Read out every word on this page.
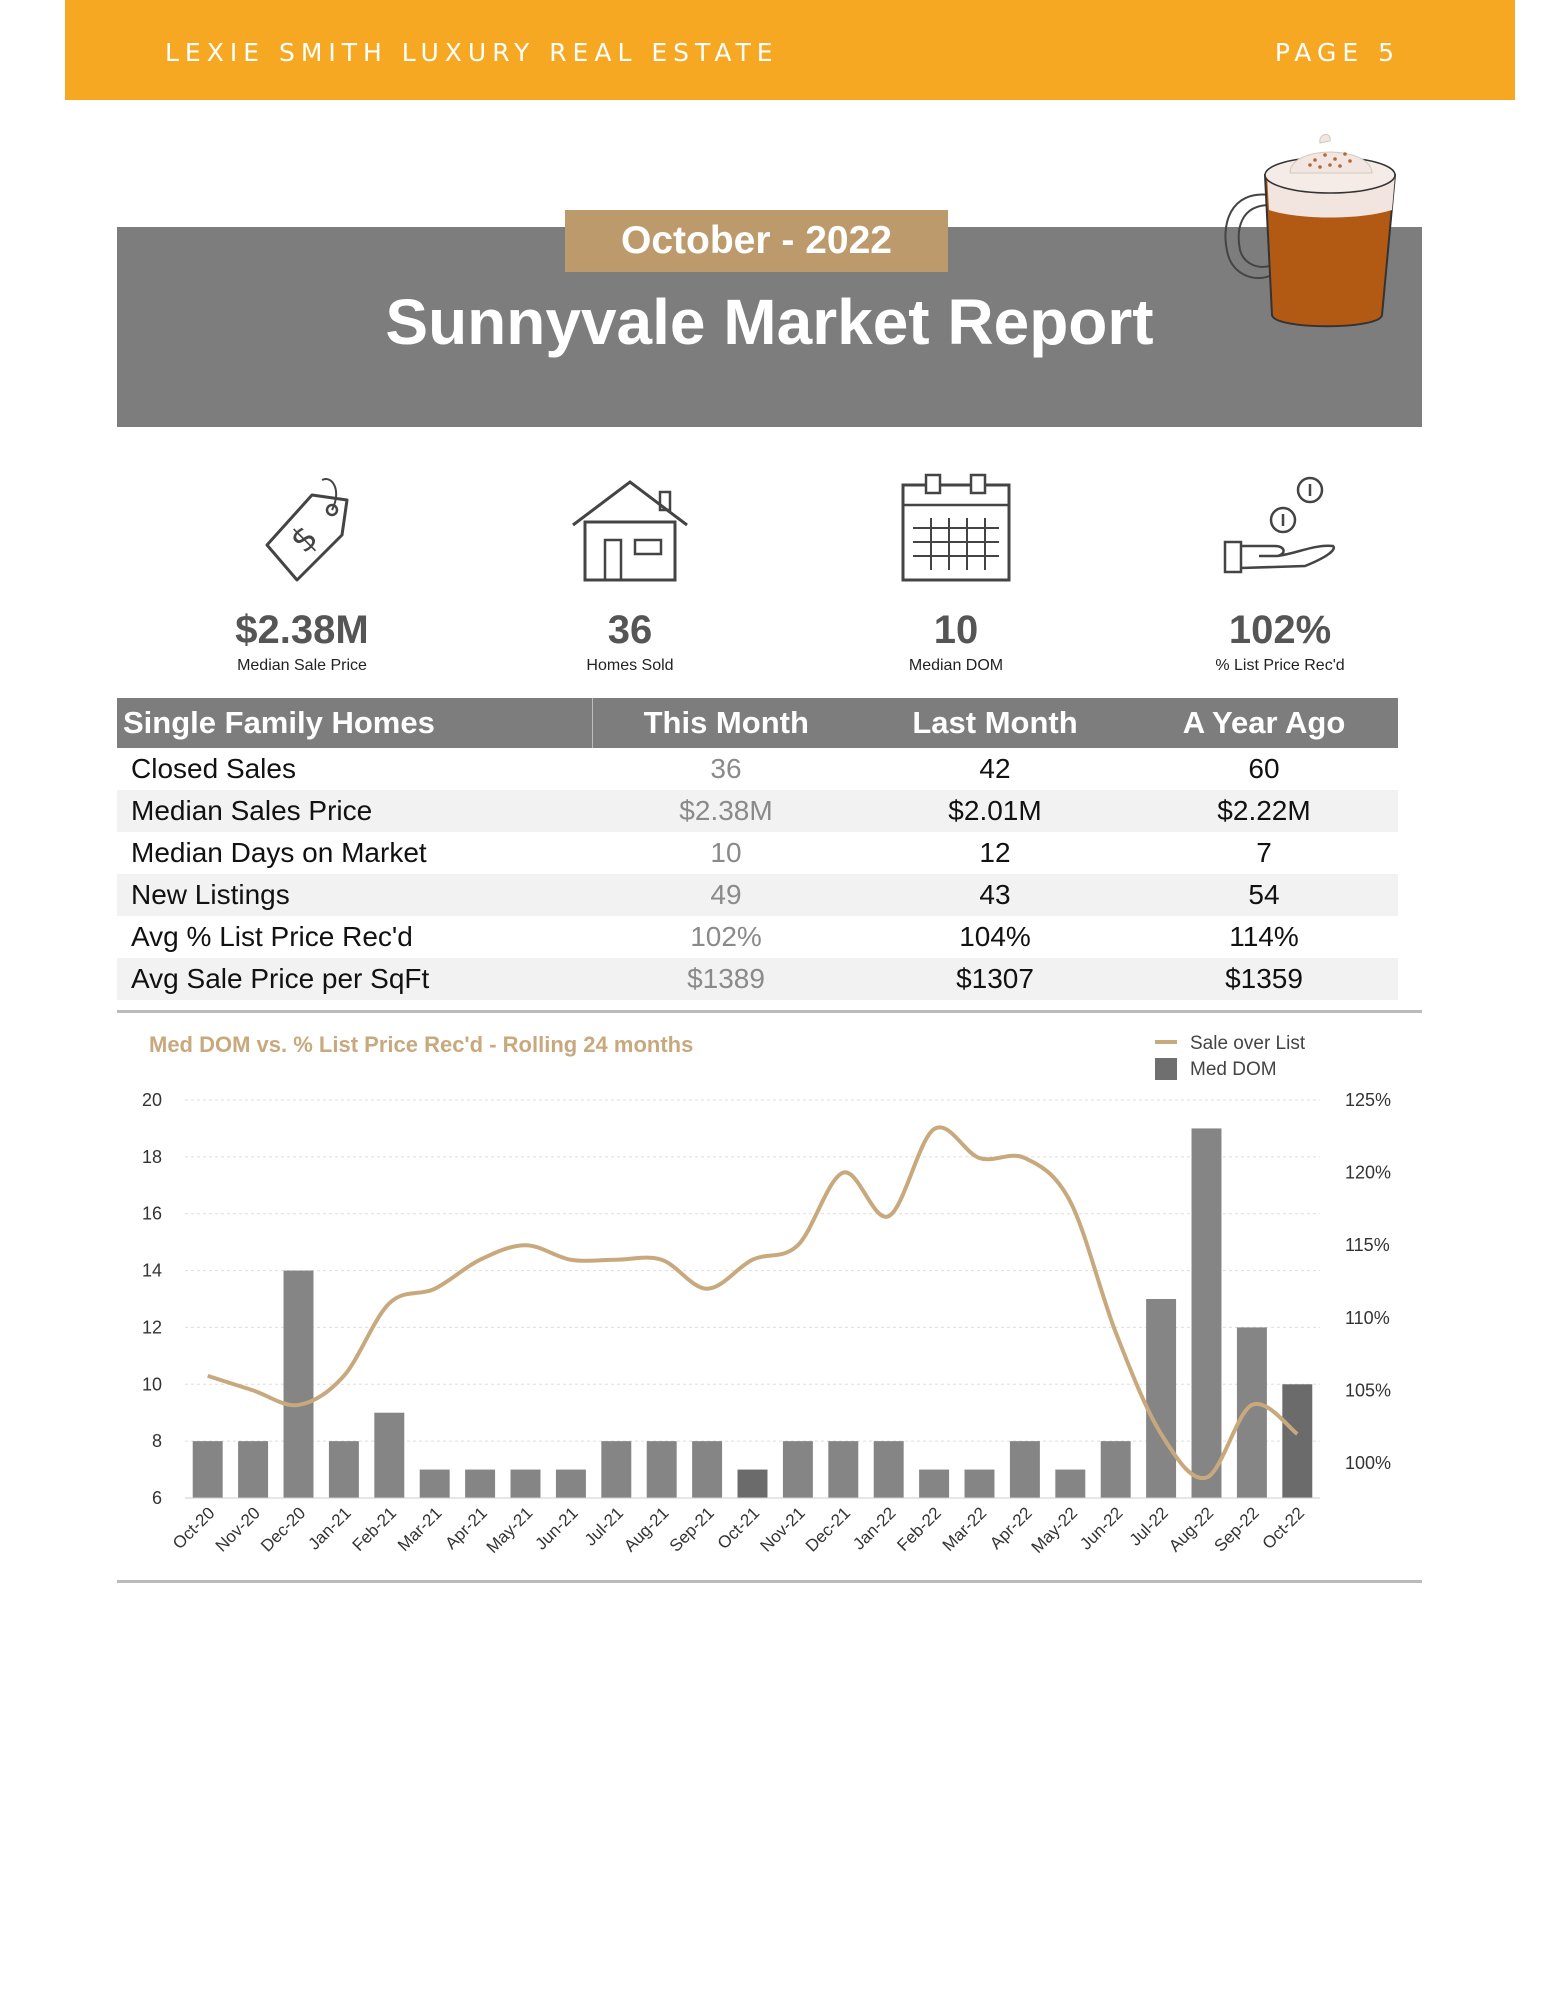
LEXIE SMITH LUXURY REAL ESTATE	PAGE 5
October - 2022
Sunnyvale Market Report
$
$2.38M
Median Sale Price
36
Homes Sold
10
Median DOM
102%
% List Price Rec'd
Single Family Homes	This Month	Last Month	A Year Ago
Closed Sales	36	42	60
Median Sales Price	$2.38M	$2.01M	$2.22M
Median Days on Market	10	12	7
New Listings	49	43	54
Avg % List Price Rec'd	102%	104%	114%
Avg Sale Price per SqFt	$1389	$1307	$1359
Med DOM vs. % List Price Rec'd - Rolling 24 months	Sale over List
Med DOM
6
8
10
12
14
16
18
20
100%
105%
110%
115%
120%
125%
Oct-20
Nov-20
Dec-20
Jan-21
Feb-21
Mar-21
Apr-21
May-21
Jun-21 Jul-21
Aug-21
Sep-21
Oct-21
Nov-21
Dec-21
Jan-22
Feb-22
Mar-22
Apr-22
May-22
Jun-22 Jul-22
Aug-22
Sep-22
Oct-22
